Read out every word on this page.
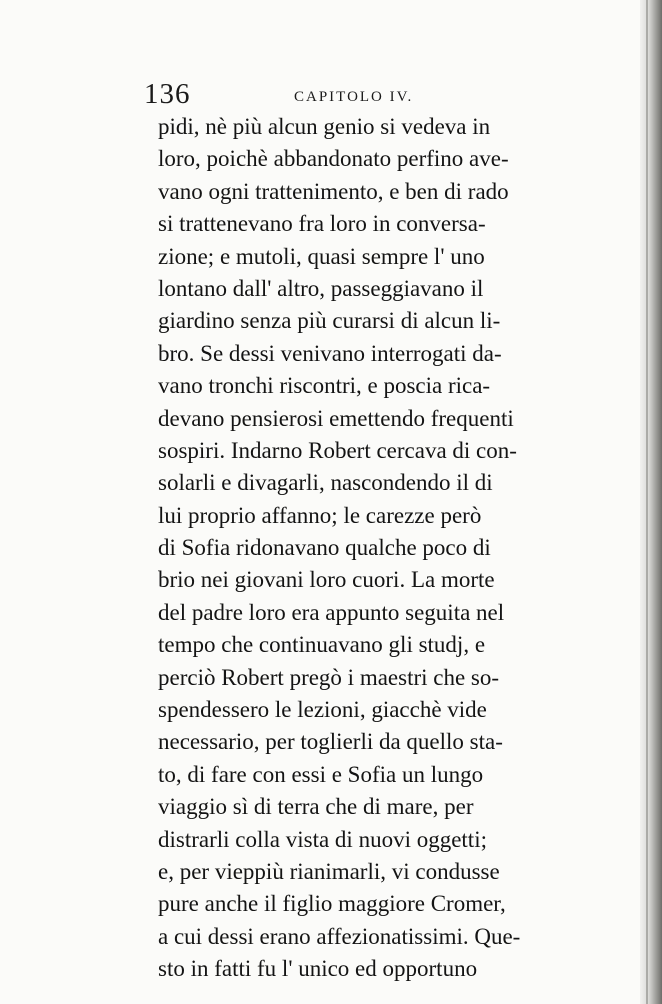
136	CAPITOLO IV.
pidi, nè più alcun genio si vedeva in
loro, poichè abbandonato perfino ave-
vano ogni trattenimento, e ben di rado
si trattenevano fra loro in conversa-
zione; e mutoli, quasi sempre l' uno
lontano dall' altro, passeggiavano il
giardino senza più curarsi di alcun li-
bro. Se dessi venivano interrogati da-
vano tronchi riscontri, e poscia rica-
devano pensierosi emettendo frequenti
sospiri. Indarno Robert cercava di con-
solarli e divagarli, nascondendo il di
lui proprio affanno; le carezze però
di Sofia ridonavano qualche poco di
brio nei giovani loro cuori. La morte
del padre loro era appunto seguita nel
tempo che continuavano gli studj, e
perciò Robert pregò i maestri che so-
spendessero le lezioni, giacchè vide
necessario, per toglierli da quello sta-
to, di fare con essi e Sofia un lungo
viaggio sì di terra che di mare, per
distrarli colla vista di nuovi oggetti;
e, per vieppiù rianimarli, vi condusse
pure anche il figlio maggiore Cromer,
a cui dessi erano affezionatissimi. Que-
sto in fatti fu l' unico ed opportuno
